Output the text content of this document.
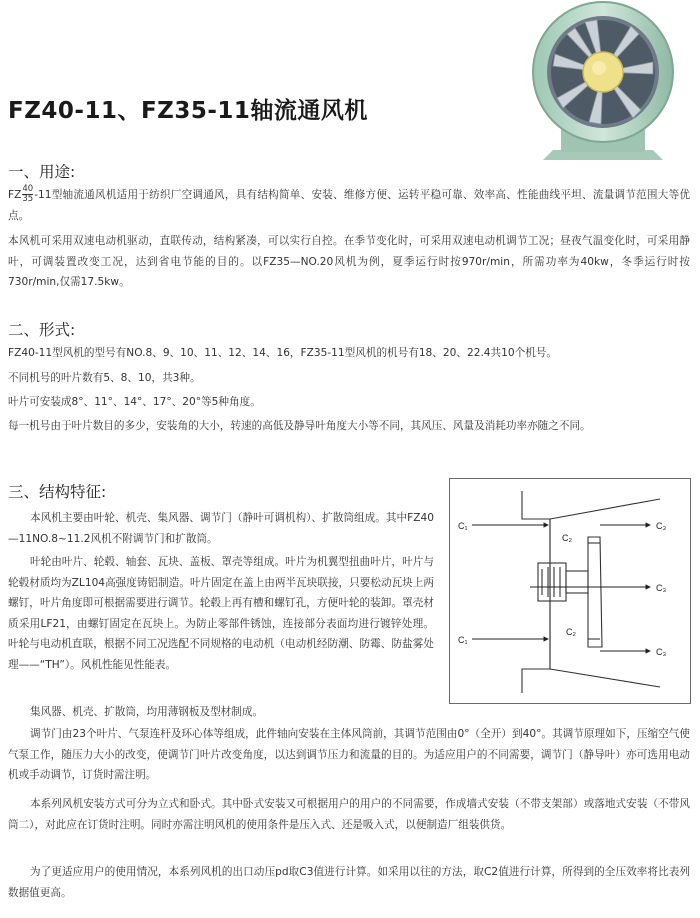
FZ40-11、FZ35-11轴流通风机
一、用途:

FZ $\frac{40}{35} -11$型轴流通风机适用于纺织厂空调通风，具有结构简单、安装、维修方便、运转平稳可靠、效率高、性能曲线平坦、流量调节范围大等优点。

本风机可采用双速电动机驱动，直联传动，结构紧凑，可以实行自控。在季节变化时，可采用双速电动机调节工况；昼夜气温变化时，可采用静叶，可调装置改变工况，达到省电节能的目的。以FZ35—NO.20风机为例，夏季运行时按970r/min，所需功率为40kw，冬季运行时按730r/min,仅需17.5kw。

二、形式:

FZ40-11型风机的型号有NO.8、9、10、11、12、14、16，FZ35-11型风机的机号有18、20、22.4共10个机号。

不同机号的叶片数有5、8、10，共3种。

叶片可安装成8°、11°、14°、17°、20°等5种角度。

每一机号由于叶片数目的多少，安装角的大小，转速的高低及静导叶角度大小等不同，其风压、风量及消耗功率亦随之不同。

三、结构特征:

本风机主要由叶轮、机壳、集风器、调节门（静叶可调机构）、扩散筒组成。其中FZ40—11NO.8~11.2风机不附调节门和扩散筒。

叶轮由叶片、轮毂、轴套、瓦块、盖板、罩壳等组成。叶片为机翼型扭曲叶片，叶片与轮毂材质均为ZL104高强度铸铝制造。叶片固定在盖上由两半瓦块联接，只要松动瓦块上两螺钉，叶片角度即可根据需要进行调节。轮毂上再有槽和螺钉孔，方便叶轮的装卸。罩壳材质采用LF21，由螺钉固定在瓦块上。为防止零部件锈蚀，连接部分表面均进行镀锌处理。叶轮与电动机直联，根据不同工况选配不同规格的电动机（电动机经防潮、防霉、防盐雾处理——“TH”）。风机性能见性能表。

集风器、机壳、扩散筒，均用薄钢板及型材制成。

调节门由23个叶片、气泵连杆及环心体等组成，此件轴向安装在主体风筒前，其调节范围由0°（全开）到40°。其调节原理如下，压缩空气使气泵工作，随压力大小的改变，使调节门叶片改变角度，以达到调节压力和流量的目的。为适应用户的不同需要，调节门（静导叶）亦可选用电动机或手动调节，订货时需注明。

本系列风机安装方式可分为立式和卧式。其中卧式安装又可根据用户的用户的不同需要，作成墙式安装（不带支架部）或落地式安装（不带风筒二），对此应在订货时注明。同时亦需注明风机的使用条件是压入式、还是吸入式，以便制造厂组装供货。

为了更适应用户的使用情况，本系列风机的出口动压pd取C3值进行计算。如采用以往的方法，取C2值进行计算，所得到的全压效率将比表列数据值更高。

C₁
C₁
C₂
C₂
C₃
C₃
C₃
